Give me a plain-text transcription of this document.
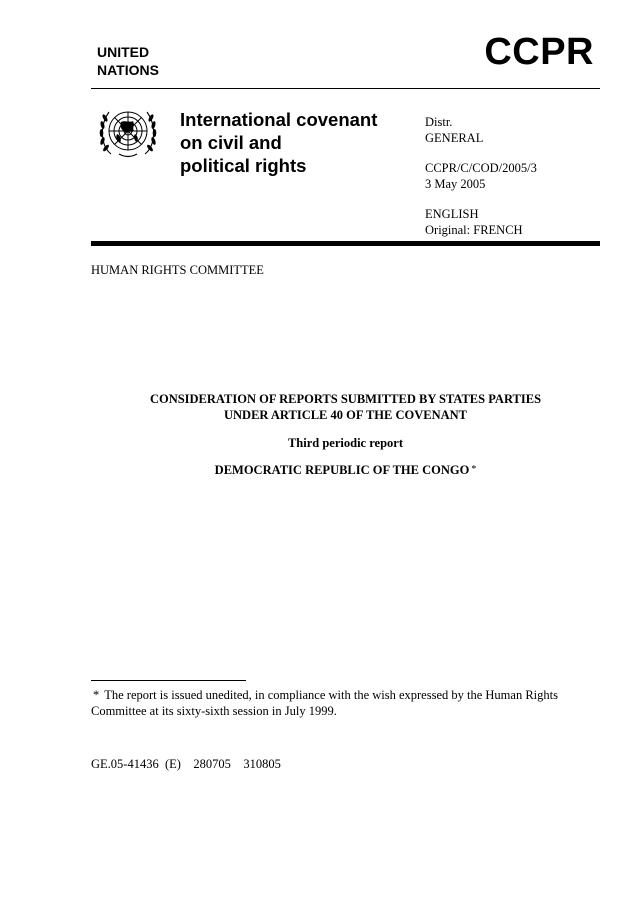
UNITED
NATIONS	CCPR
International covenant
on civil and
political rights
Distr.
GENERAL
CCPR/C/COD/2005/3
3 May 2005
ENGLISH
Original: FRENCH
HUMAN RIGHTS COMMITTEE
CONSIDERATION OF REPORTS SUBMITTED BY STATES PARTIES
UNDER ARTICLE 40 OF THE COVENANT
Third periodic report
DEMOCRATIC REPUBLIC OF THE CONGO *
* The report is issued unedited, in compliance with the wish expressed by the Human Rights Committee at its sixty-sixth session in July 1999.
GE.05-41436  (E)    280705    310805
